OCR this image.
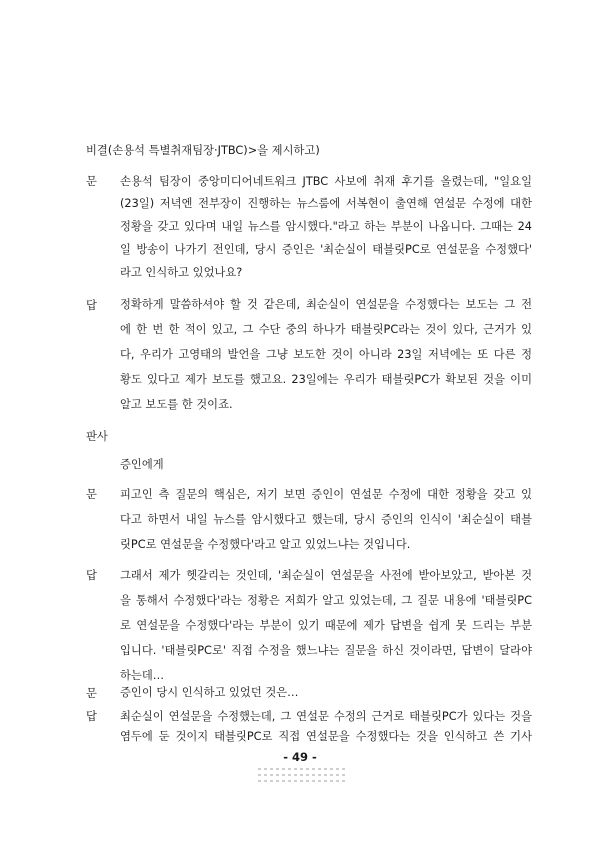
비결(손용석 특별취재팀장·JTBC)>을 제시하고)
문 손용석 팀장이 중앙미디어네트워크 JTBC 사보에 취재 후기를 올렸는데, "일요일
(23일) 저녁엔 전부장이 진행하는 뉴스룸에 서복현이 출연해 연설문 수정에 대한
정황을 갖고 있다며 내일 뉴스를 암시했다."라고 하는 부분이 나옵니다. 그때는 24
일 방송이 나가기 전인데, 당시 증인은 '최순실이 태블릿PC로 연설문을 수정했다'
라고 인식하고 있었나요?
답 정확하게 말씀하셔야 할 것 같은데, 최순실이 연설문을 수정했다는 보도는 그 전
에 한 번 한 적이 있고, 그 수단 중의 하나가 태블릿PC라는 것이 있다, 근거가 있
다, 우리가 고영태의 발언을 그냥 보도한 것이 아니라 23일 저녁에는 또 다른 정
황도 있다고 제가 보도를 했고요. 23일에는 우리가 태블릿PC가 확보된 것을 이미
알고 보도를 한 것이죠.
판사
증인에게
문 피고인 측 질문의 핵심은, 저기 보면 증인이 연설문 수정에 대한 정황을 갖고 있
다고 하면서 내일 뉴스를 암시했다고 했는데, 당시 증인의 인식이 '최순실이 태블
릿PC로 연설문을 수정했다'라고 알고 있었느냐는 것입니다.
답 그래서 제가 헷갈리는 것인데, '최순실이 연설문을 사전에 받아보았고, 받아본 것
을 통해서 수정했다'라는 정황은 저희가 알고 있었는데, 그 질문 내용에 '태블릿PC
로 연설문을 수정했다'라는 부분이 있기 때문에 제가 답변을 쉽게 못 드리는 부분
입니다. '태블릿PC로' 직접 수정을 했느냐는 질문을 하신 것이라면, 답변이 달라야
하는데…
문 증인이 당시 인식하고 있었던 것은…
답 최순실이 연설문을 수정했는데, 그 연설문 수정의 근거로 태블릿PC가 있다는 것을
염두에 둔 것이지 태블릿PC로 직접 연설문을 수정했다는 것을 인식하고 쓴 기사
- 49 -
